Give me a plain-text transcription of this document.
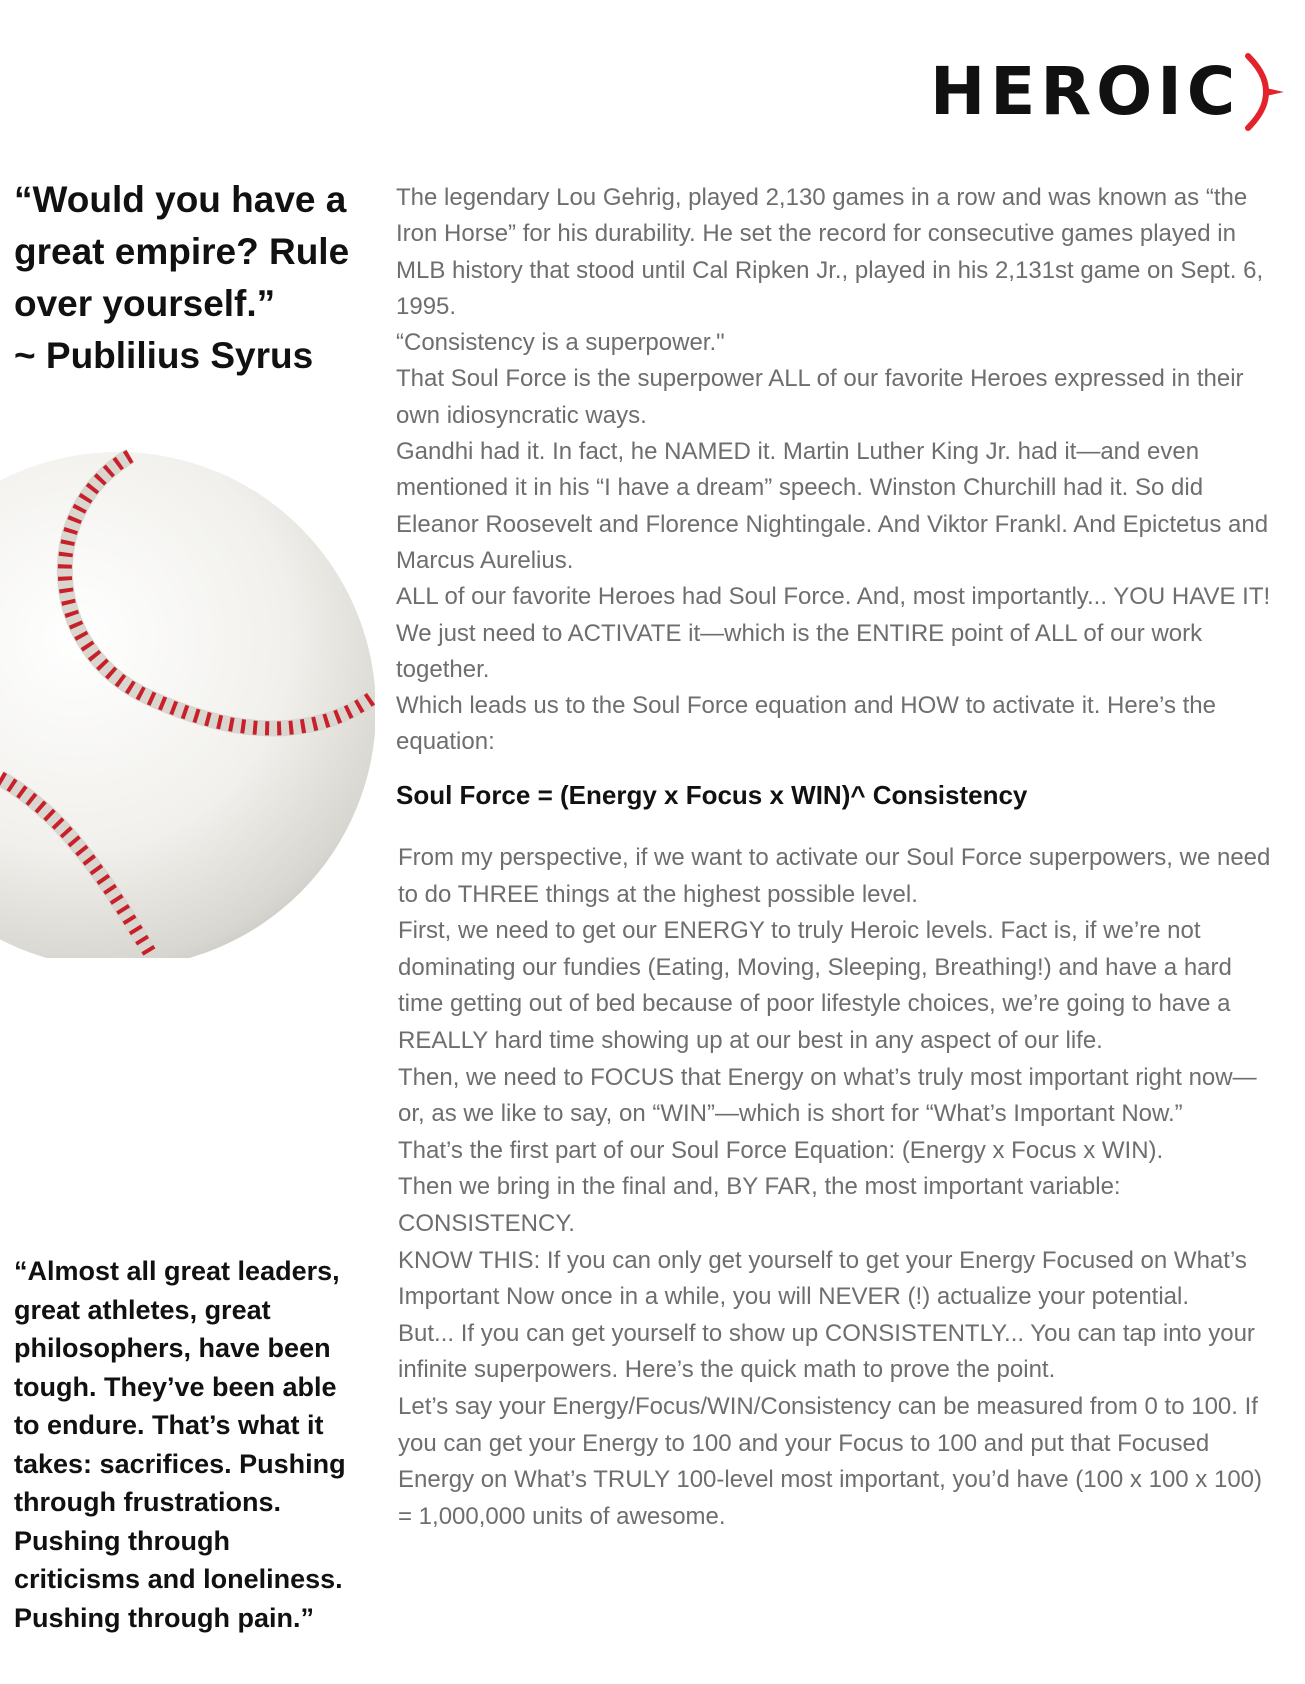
HEROIC
“Would you have a
great empire? Rule
over yourself.”
~ Publilius Syrus
“Almost all great leaders, great athletes, great philosophers, have been tough. They’ve been able to endure. That’s what it takes: sacrifices. Pushing through frustrations. Pushing through criticisms and loneliness. Pushing through pain.”

The legendary Lou Gehrig, played 2,130 games in a row and was known as “the Iron Horse” for his durability. He set the record for consecutive games played in MLB history that stood until Cal Ripken Jr., played in his 2,131st game on Sept. 6, 1995.

“Consistency is a superpower."

That Soul Force is the superpower ALL of our favorite Heroes expressed in their own idiosyncratic ways.

Gandhi had it. In fact, he NAMED it. Martin Luther King Jr. had it—and even mentioned it in his “I have a dream” speech. Winston Churchill had it. So did Eleanor Roosevelt and Florence Nightingale. And Viktor Frankl. And Epictetus and Marcus Aurelius.

ALL of our favorite Heroes had Soul Force. And, most importantly... YOU HAVE IT! We just need to ACTIVATE it—which is the ENTIRE point of ALL of our work together.

Which leads us to the Soul Force equation and HOW to activate it. Here’s the equation:

Soul Force = (Energy x Focus x WIN)^ Consistency

From my perspective, if we want to activate our Soul Force superpowers, we need to do THREE things at the highest possible level.

First, we need to get our ENERGY to truly Heroic levels. Fact is, if we’re not dominating our fundies (Eating, Moving, Sleeping, Breathing!) and have a hard time getting out of bed because of poor lifestyle choices, we’re going to have a REALLY hard time showing up at our best in any aspect of our life.

Then, we need to FOCUS that Energy on what’s truly most important right now—or, as we like to say, on “WIN”—which is short for “What’s Important Now.”

That’s the first part of our Soul Force Equation: (Energy x Focus x WIN).

Then we bring in the final and, BY FAR, the most important variable: CONSISTENCY.

KNOW THIS: If you can only get yourself to get your Energy Focused on What’s Important Now once in a while, you will NEVER (!) actualize your potential.

But... If you can get yourself to show up CONSISTENTLY... You can tap into your infinite superpowers. Here’s the quick math to prove the point.

Let’s say your Energy/Focus/WIN/Consistency can be measured from 0 to 100. If you can get your Energy to 100 and your Focus to 100 and put that Focused Energy on What’s TRULY 100-level most important, you’d have (100 x 100 x 100) = 1,000,000 units of awesome.
